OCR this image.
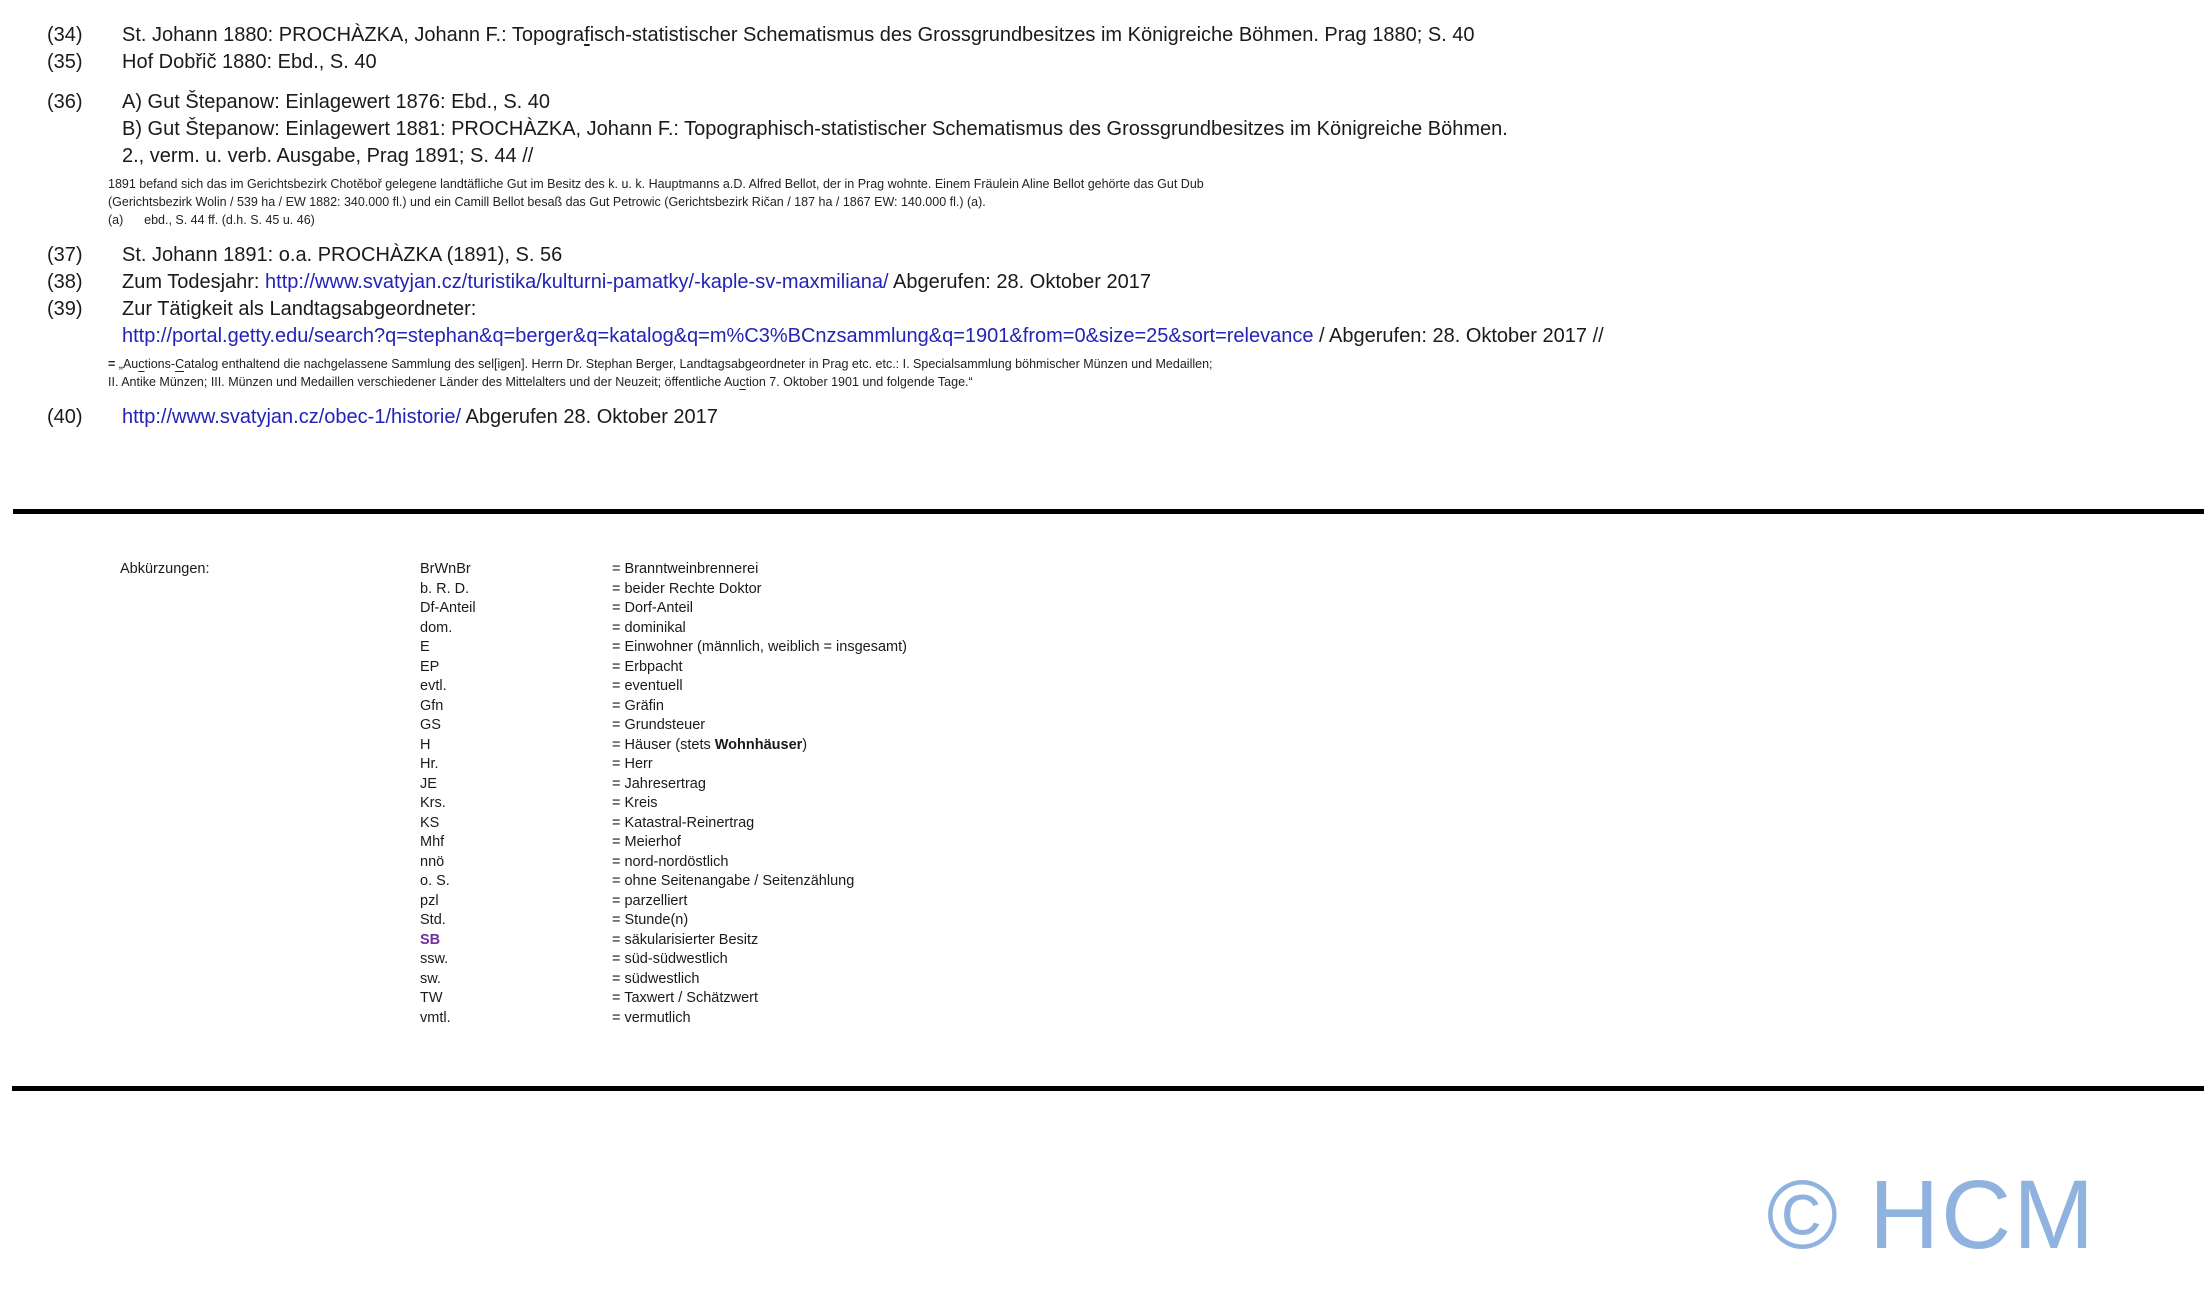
(34)	St. Johann 1880: PROCHÀZKA, Johann F.: Topografisch-statistischer Schematismus des Grossgrundbesitzes im Königreiche Böhmen. Prag 1880; S. 40
(35)	Hof Dobřič 1880: Ebd., S. 40
(36)	A) Gut Štepanow: Einlagewert 1876: Ebd., S. 40
B) Gut Štepanow: Einlagewert 1881: PROCHÀZKA, Johann F.: Topographisch-statistischer Schematismus des Grossgrundbesitzes im Königreiche Böhmen.
2., verm. u. verb. Ausgabe, Prag 1891; S. 44 //
1891 befand sich das im Gerichtsbezirk Chotěboř gelegene landtäfliche Gut im Besitz des k. u. k. Hauptmanns a.D. Alfred Bellot, der in Prag wohnte. Einem Fräulein Aline Bellot gehörte das Gut Dub
(Gerichtsbezirk Wolin / 539 ha / EW 1882: 340.000 fl.) und ein Camill Bellot besaß das Gut Petrowic (Gerichtsbezirk Ričan / 187 ha / 1867 EW: 140.000 fl.) (a).
(a)      ebd., S. 44 ff. (d.h. S. 45 u. 46)
(37)	St. Johann 1891: o.a. PROCHÀZKA (1891), S. 56
(38)	Zum Todesjahr: http://www.svatyjan.cz/turistika/kulturni-pamatky/-kaple-sv-maxmiliana/ Abgerufen: 28. Oktober 2017
(39)	Zur Tätigkeit als Landtagsabgeordneter:
http://portal.getty.edu/search?q=stephan&q=berger&q=katalog&q=m%C3%BCnzsammlung&q=1901&from=0&size=25&sort=relevance / Abgerufen: 28. Oktober 2017 //
= „Auctions-Catalog enthaltend die nachgelassene Sammlung des sel[igen]. Herrn Dr. Stephan Berger, Landtagsabgeordneter in Prag etc. etc.: I. Specialsammlung böhmischer Münzen und Medaillen;
II. Antike Münzen; III. Münzen und Medaillen verschiedener Länder des Mittelalters und der Neuzeit; öffentliche Auction 7. Oktober 1901 und folgende Tage.“
(40)	http://www.svatyjan.cz/obec-1/historie/ Abgerufen 28. Oktober 2017
Abkürzungen:	BrWnBr	= Branntweinbrennerei
b. R. D.	= beider Rechte Doktor
Df-Anteil	= Dorf-Anteil
dom.	= dominikal
E	= Einwohner (männlich, weiblich = insgesamt)
EP	= Erbpacht
evtl.	= eventuell
Gfn	= Gräfin
GS	= Grundsteuer
H	= Häuser (stets Wohnhäuser)
Hr.	= Herr
JE	= Jahresertrag
Krs.	= Kreis
KS	= Katastral-Reinertrag
Mhf	= Meierhof
nnö	= nord-nordöstlich
o. S.	= ohne Seitenangabe / Seitenzählung
pzl	= parzelliert
Std.	= Stunde(n)
SB	= säkularisierter Besitz
ssw.	= süd-südwestlich
sw.	= südwestlich
TW	= Taxwert / Schätzwert
vmtl.	= vermutlich
© HCM
